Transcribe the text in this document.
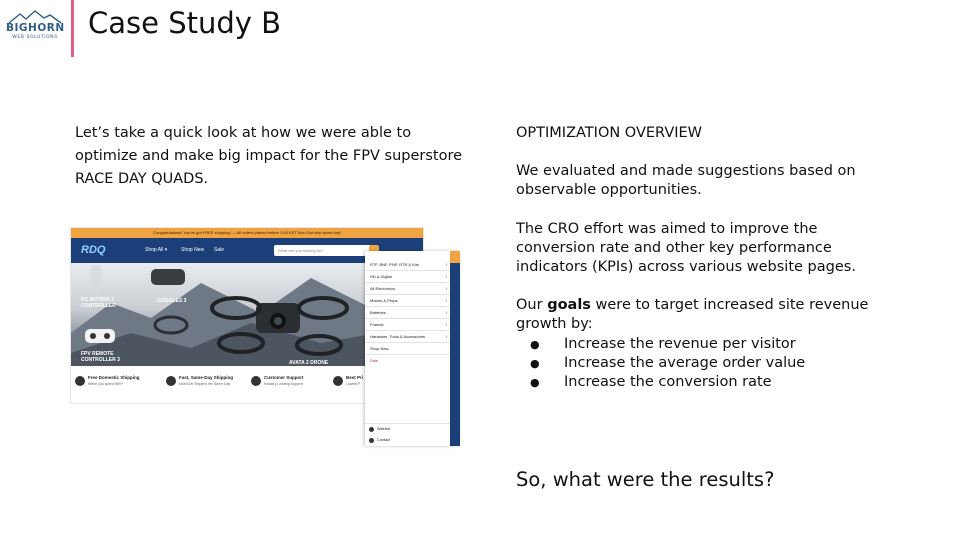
BIGHORN
WEB SOLUTIONS Case Study B

Let’s take a quick look at how we were able to optimize and make big impact for the FPV superstore RACE DAY QUADS.

Congratulations! You've got FREE shipping! — All orders placed before 1:45 EST Mon-Sat ship same day!
RDQ	Shop All ▾	Shop New Sale	What are you looking for?
RC MOTION 3 CONTROLLER
GOGGLES 3
FPV REMOTE CONTROLLER 3	AVATA 2 DRONE
Free Domestic Shipping
When you spend $99+
Fast, Same-Day Shipping
Most Get Shipped the Same Day
Customer Support
Industry Leading Support
Best Pri
Lowest P
RTF, BNF, PNP, RTR & Kits	›
HD & Digital	›
All Electronics	›
Motors & Props	›
Batteries	›
Frames	›
Hardware, Tools & Accessories	›
Shop New
Sale
Wishlist
Contact

OPTIMIZATION OVERVIEW

We evaluated and made suggestions based on observable opportunities.

The CRO effort was aimed to improve the conversion rate and other key performance indicators (KPIs) across various website pages.

Our goals were to target increased site revenue growth by:

● Increase the revenue per visitor
● Increase the average order value
● Increase the conversion rate

So, what were the results?
